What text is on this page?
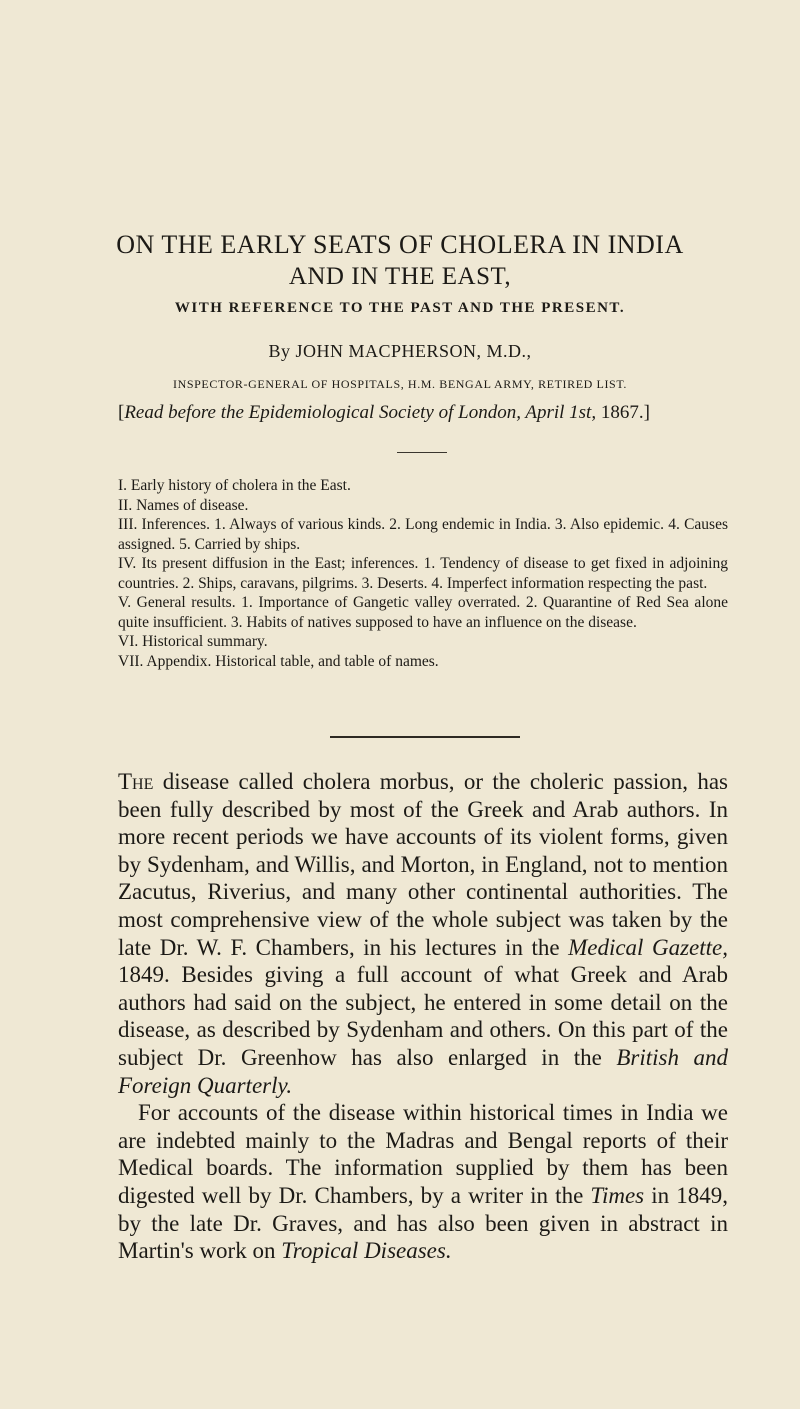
ON THE EARLY SEATS OF CHOLERA IN INDIA
AND IN THE EAST,
WITH REFERENCE TO THE PAST AND THE PRESENT.
By JOHN MACPHERSON, M.D.,
INSPECTOR-GENERAL OF HOSPITALS, H.M. BENGAL ARMY, RETIRED LIST.
[Read before the Epidemiological Society of London, April 1st, 1867.]

I. Early history of cholera in the East.

II. Names of disease.

III. Inferences. 1. Always of various kinds. 2. Long endemic in India. 3. Also epidemic. 4. Causes assigned. 5. Carried by ships.

IV. Its present diffusion in the East; inferences. 1. Tendency of disease to get fixed in adjoining countries. 2. Ships, caravans, pilgrims. 3. Deserts. 4. Imperfect information respecting the past.

V. General results. 1. Importance of Gangetic valley overrated. 2. Quarantine of Red Sea alone quite insufficient. 3. Habits of natives supposed to have an influence on the disease.

VI. Historical summary.

VII. Appendix. Historical table, and table of names.

The disease called cholera morbus, or the choleric passion, has been fully described by most of the Greek and Arab authors. In more recent periods we have accounts of its violent forms, given by Sydenham, and Willis, and Morton, in England, not to mention Zacutus, Riverius, and many other continental authorities. The most comprehensive view of the whole subject was taken by the late Dr. W. F. Chambers, in his lectures in the Medical Gazette, 1849. Besides giving a full account of what Greek and Arab authors had said on the subject, he entered in some detail on the disease, as described by Sydenham and others. On this part of the subject Dr. Greenhow has also enlarged in the British and Foreign Quarterly.

For accounts of the disease within historical times in India we are indebted mainly to the Madras and Bengal reports of their Medical boards. The information supplied by them has been digested well by Dr. Chambers, by a writer in the Times in 1849, by the late Dr. Graves, and has also been given in abstract in Martin's work on Tropical Diseases.
